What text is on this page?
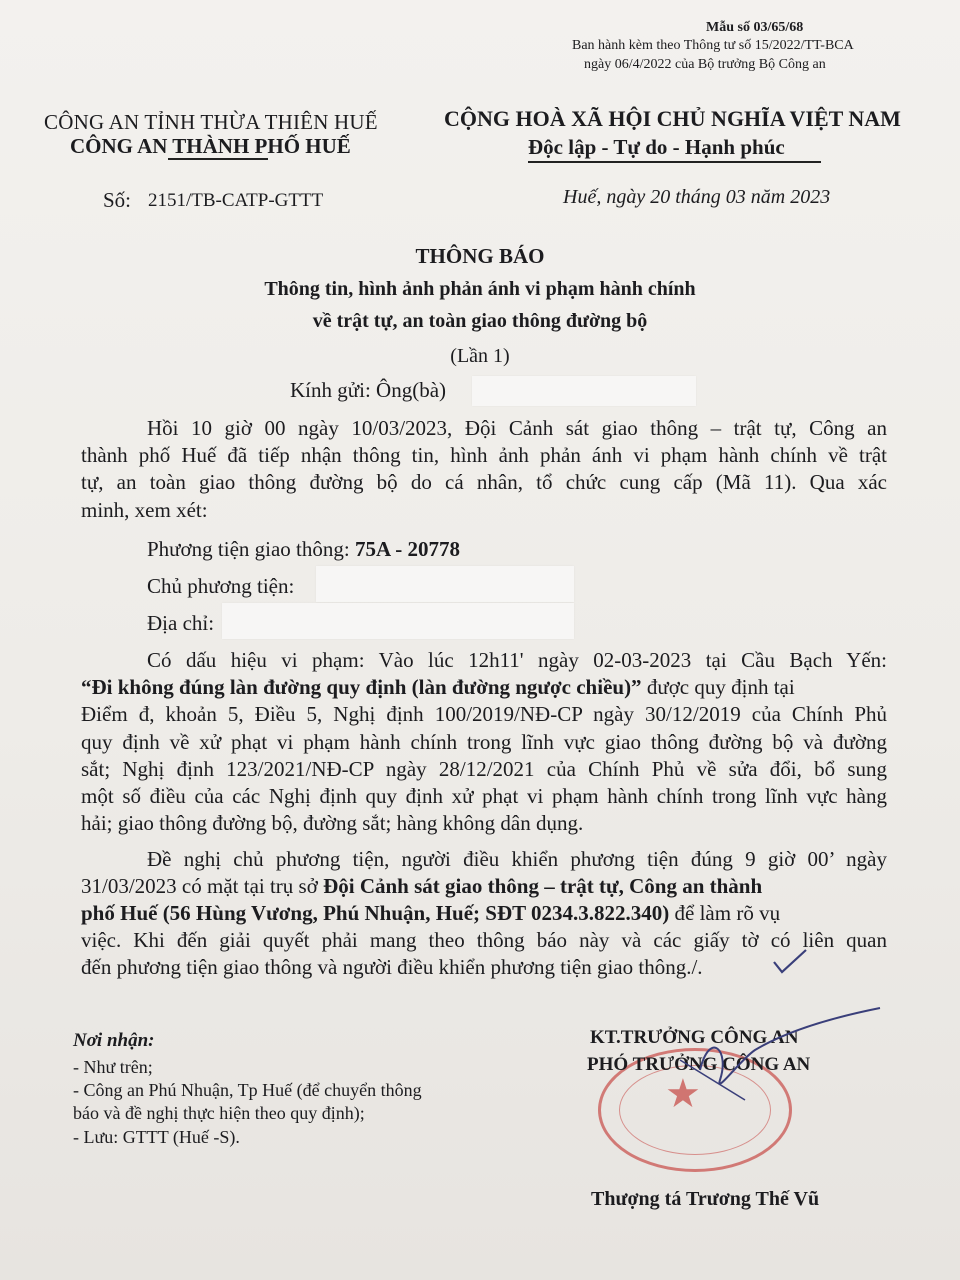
Mẫu số 03/65/68
Ban hành kèm theo Thông tư số 15/2022/TT-BCA
ngày 06/4/2022 của Bộ trưởng Bộ Công an
CÔNG AN TỈNH THỪA THIÊN HUẾ
CÔNG AN THÀNH PHỐ HUẾ
CỘNG HOÀ XÃ HỘI CHỦ NGHĨA VIỆT NAM
Độc lập - Tự do - Hạnh phúc
Số: 2151/TB-CATP-GTTT	Huế, ngày 20 tháng 03 năm 2023
THÔNG BÁO
Thông tin, hình ảnh phản ánh vi phạm hành chính
về trật tự, an toàn giao thông đường bộ
(Lần 1)
Kính gửi: Ông(bà)
Hồi 10 giờ 00 ngày 10/03/2023, Đội Cảnh sát giao thông – trật tự, Công an
thành phố Huế đã tiếp nhận thông tin, hình ảnh phản ánh vi phạm hành chính về trật
tự, an toàn giao thông đường bộ do cá nhân, tổ chức cung cấp (Mã 11). Qua xác
minh, xem xét:
Phương tiện giao thông: 75A - 20778
Chủ phương tiện:
Địa chỉ:
Có dấu hiệu vi phạm: Vào lúc 12h11' ngày 02-03-2023 tại Cầu Bạch Yến:
“Đi không đúng làn đường quy định (làn đường ngược chiều)” được quy định tại
Điểm đ, khoản 5, Điều 5, Nghị định 100/2019/NĐ-CP ngày 30/12/2019 của Chính Phủ
quy định về xử phạt vi phạm hành chính trong lĩnh vực giao thông đường bộ và đường
sắt; Nghị định 123/2021/NĐ-CP ngày 28/12/2021 của Chính Phủ về sửa đổi, bổ sung
một số điều của các Nghị định quy định xử phạt vi phạm hành chính trong lĩnh vực hàng
hải; giao thông đường bộ, đường sắt; hàng không dân dụng.
Đề nghị chủ phương tiện, người điều khiển phương tiện đúng 9 giờ 00’ ngày
31/03/2023 có mặt tại trụ sở Đội Cảnh sát giao thông – trật tự, Công an thành
phố Huế (56 Hùng Vương, Phú Nhuận, Huế; SĐT 0234.3.822.340) để làm rõ vụ
việc. Khi đến giải quyết phải mang theo thông báo này và các giấy tờ có liên quan
đến phương tiện giao thông và người điều khiển phương tiện giao thông./.
Nơi nhận:
- Như trên;
- Công an Phú Nhuận, Tp Huế (để chuyển thông
báo và đề nghị thực hiện theo quy định);
- Lưu: GTTT (Huế -S).
★
KT.TRƯỞNG CÔNG AN
PHÓ TRƯỞNG CÔNG AN
Thượng tá Trương Thế Vũ
